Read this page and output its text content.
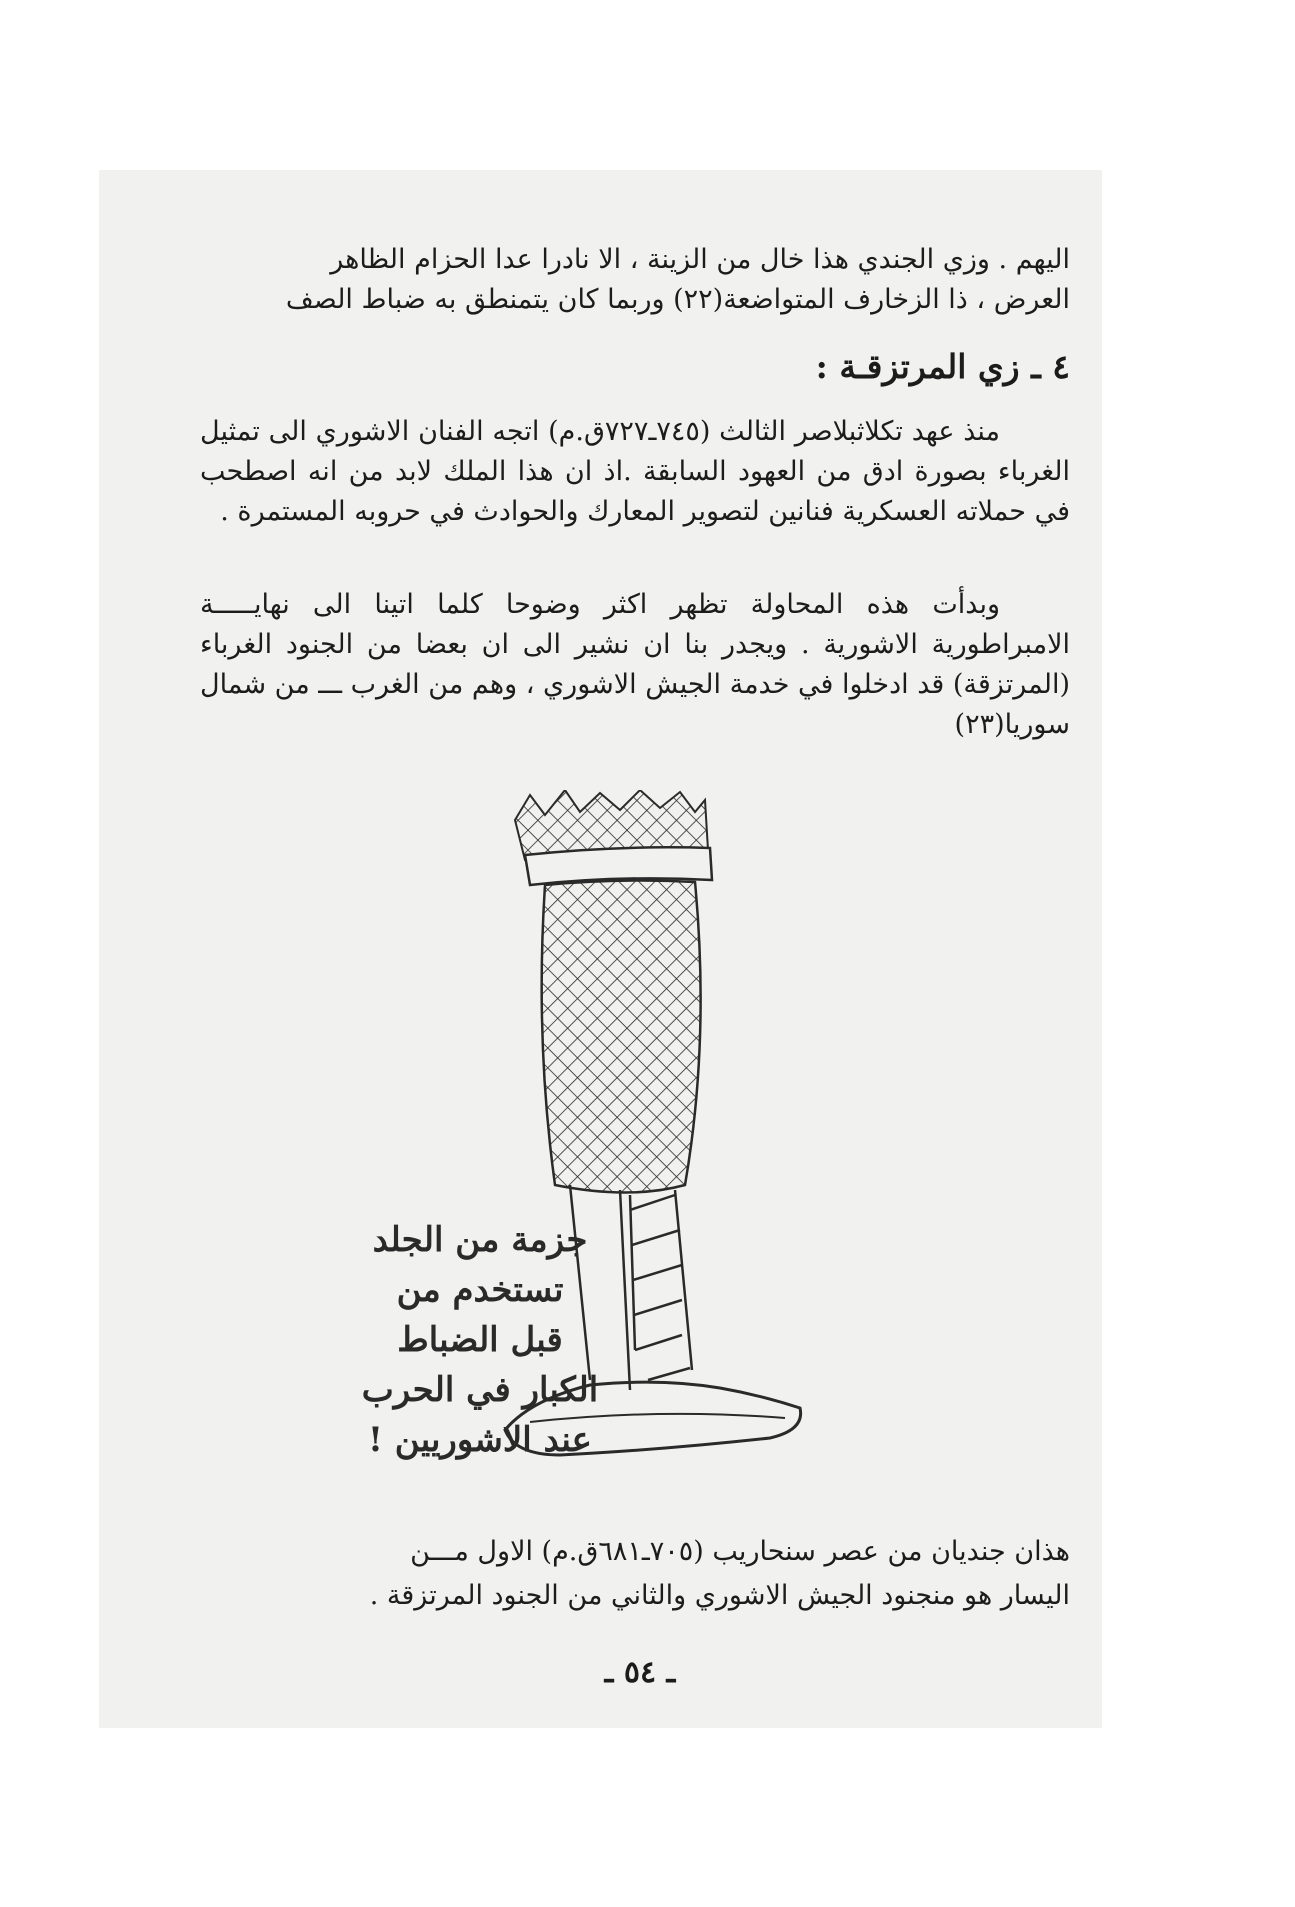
اليهم . وزي الجندي هذا خال من الزينة ، الا نادرا عدا الحزام الظاهر

العرض ، ذا الزخارف المتواضعة(٢٢) وربما كان يتمنطق به ضباط الصف

٤ ـ زي المرتزقـة :

منذ عهد تكلاثبلاصر الثالث (٧٤٥ـ٧٢٧ق.م) اتجه الفنان الاشوري الى تمثيل الغرباء بصورة ادق من العهود السابقة .اذ ان هذا الملك لابد من انه اصطحب في حملاته العسكرية فنانين لتصوير المعارك والحوادث في حروبه المستمرة .

وبدأت هذه المحاولة تظهر اكثر وضوحا كلما اتينا الى نهايـــــة الامبراطورية الاشورية . ويجدر بنا ان نشير الى ان بعضا من الجنود الغرباء (المرتزقة) قد ادخلوا في خدمة الجيش الاشوري ، وهم من الغرب ـــ من شمال سوريا(٢٣)

جزمة من الجلد
تستخدم من
قبل الضباط
الكبار في الحرب
عند الاشوريين !

هذان جنديان من عصر سنحاريب (٧٠٥ـ٦٨١ق.م) الاول مـــن

اليسار هو منجنود الجيش الاشوري والثاني من الجنود المرتزقة .

ـ ٥٤ ـ
